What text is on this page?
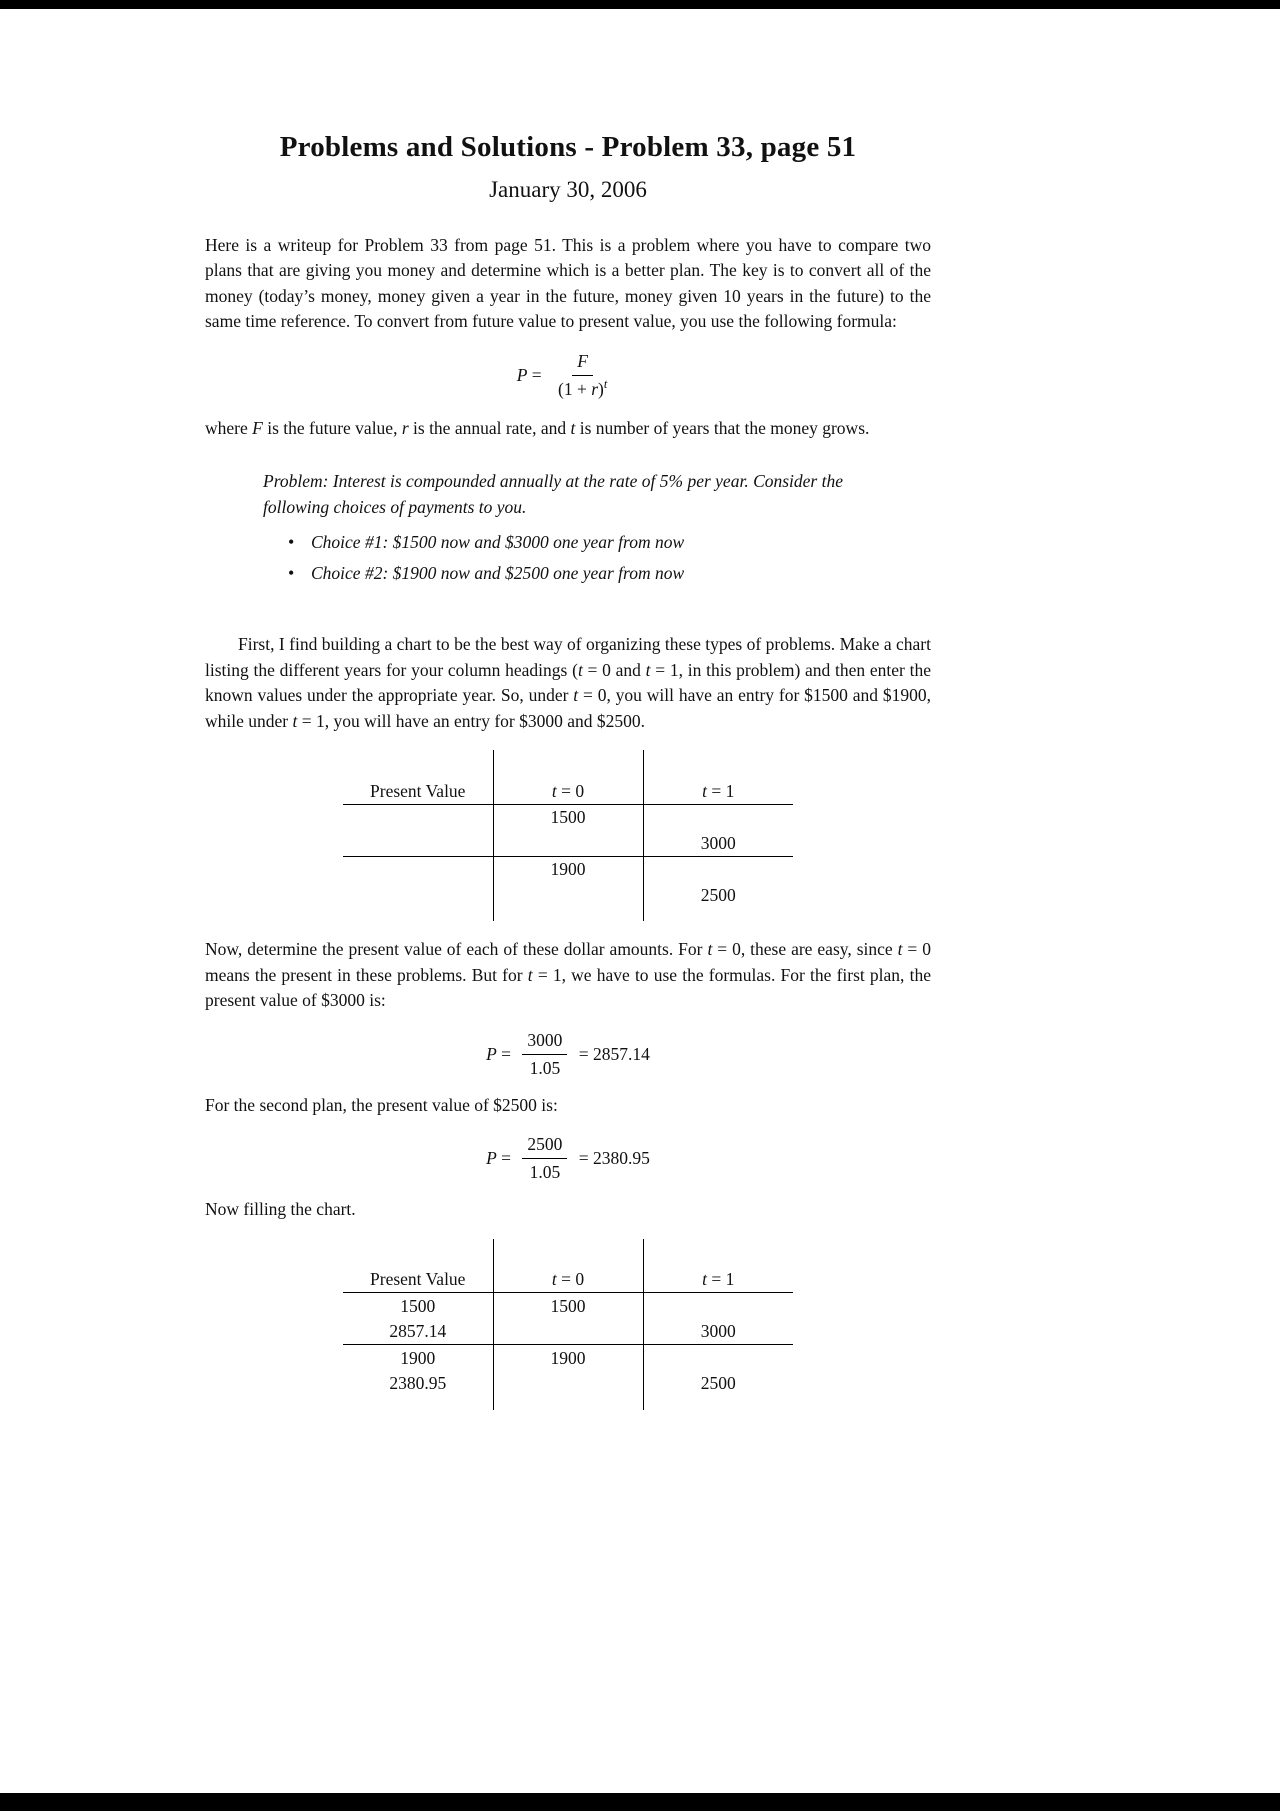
Problems and Solutions - Problem 33, page 51
January 30, 2006

Here is a writeup for Problem 33 from page 51. This is a problem where you have to compare two plans that are giving you money and determine which is a better plan. The key is to convert all of the money (today’s money, money given a year in the future, money given 10 years in the future) to the same time reference. To convert from future value to present value, you use the following formula:

$P = \frac{F}{(1 + r)^t}$

where F is the future value, r is the annual rate, and t is number of years that the money grows.

Problem: Interest is compounded annually at the rate of 5% per year. Consider the following choices of payments to you.
• Choice #1: $1500 now and $3000 one year from now
• Choice #2: $1900 now and $2500 one year from now

First, I find building a chart to be the best way of organizing these types of problems. Make a chart listing the different years for your column headings (t = 0 and t = 1, in this problem) and then enter the known values under the appropriate year. So, under t = 0, you will have an entry for $1500 and $1900, while under t = 1, you will have an entry for $3000 and $2500.

Present Value	t = 0	t = 1
	1500	
		3000
	1900	
		2500

Now, determine the present value of each of these dollar amounts. For t = 0, these are easy, since t = 0 means the present in these problems. But for t = 1, we have to use the formulas. For the first plan, the present value of $3000 is:

$P = \frac{3000}{1.05} = 2857.14$

For the second plan, the present value of $2500 is:

$P = \frac{2500}{1.05} = 2380.95$

Now filling the chart.

Present Value	t = 0	t = 1
1500	1500	
2857.14		3000
1900	1900	
2380.95		2500
